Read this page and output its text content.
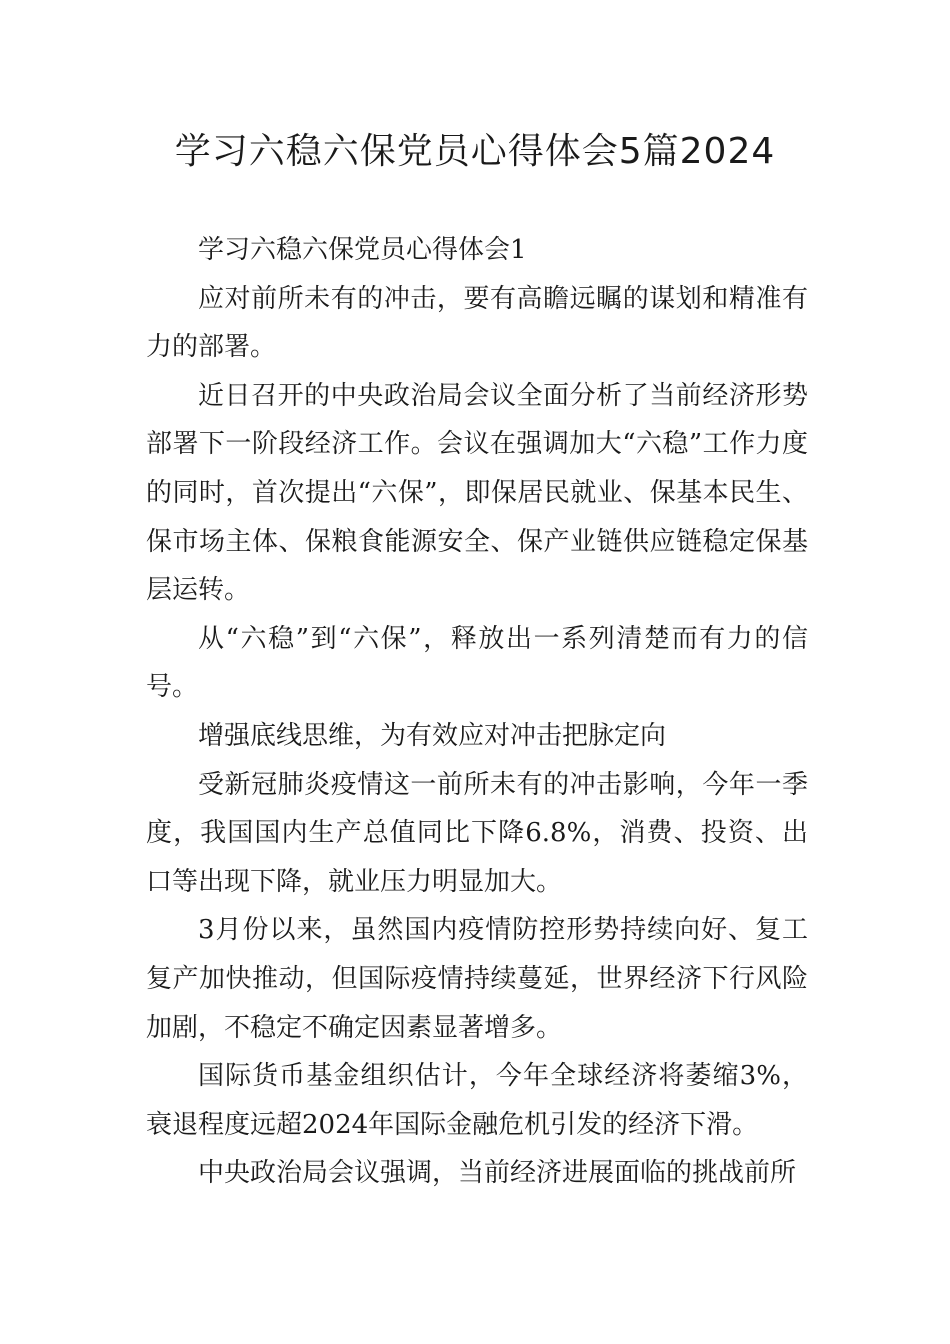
学习六稳六保党员心得体会5篇2024

学习六稳六保党员心得体会1

应对前所未有的冲击，要有高瞻远瞩的谋划和精准有力的部署。

近日召开的中央政治局会议全面分析了当前经济形势部署下一阶段经济工作。会议在强调加大“六稳”工作力度的同时，首次提出“六保”，即保居民就业、保基本民生、保市场主体、保粮食能源安全、保产业链供应链稳定保基层运转。

从“六稳”到“六保”，释放出一系列清楚而有力的信号。

增强底线思维，为有效应对冲击把脉定向

受新冠肺炎疫情这一前所未有的冲击影响，今年一季度，我国国内生产总值同比下降6.8%，消费、投资、出口等出现下降，就业压力明显加大。

3月份以来，虽然国内疫情防控形势持续向好、复工复产加快推动，但国际疫情持续蔓延，世界经济下行风险加剧，不稳定不确定因素显著增多。

国际货币基金组织估计，今年全球经济将萎缩3%，衰退程度远超2024年国际金融危机引发的经济下滑。

中央政治局会议强调，当前经济进展面临的挑战前所
